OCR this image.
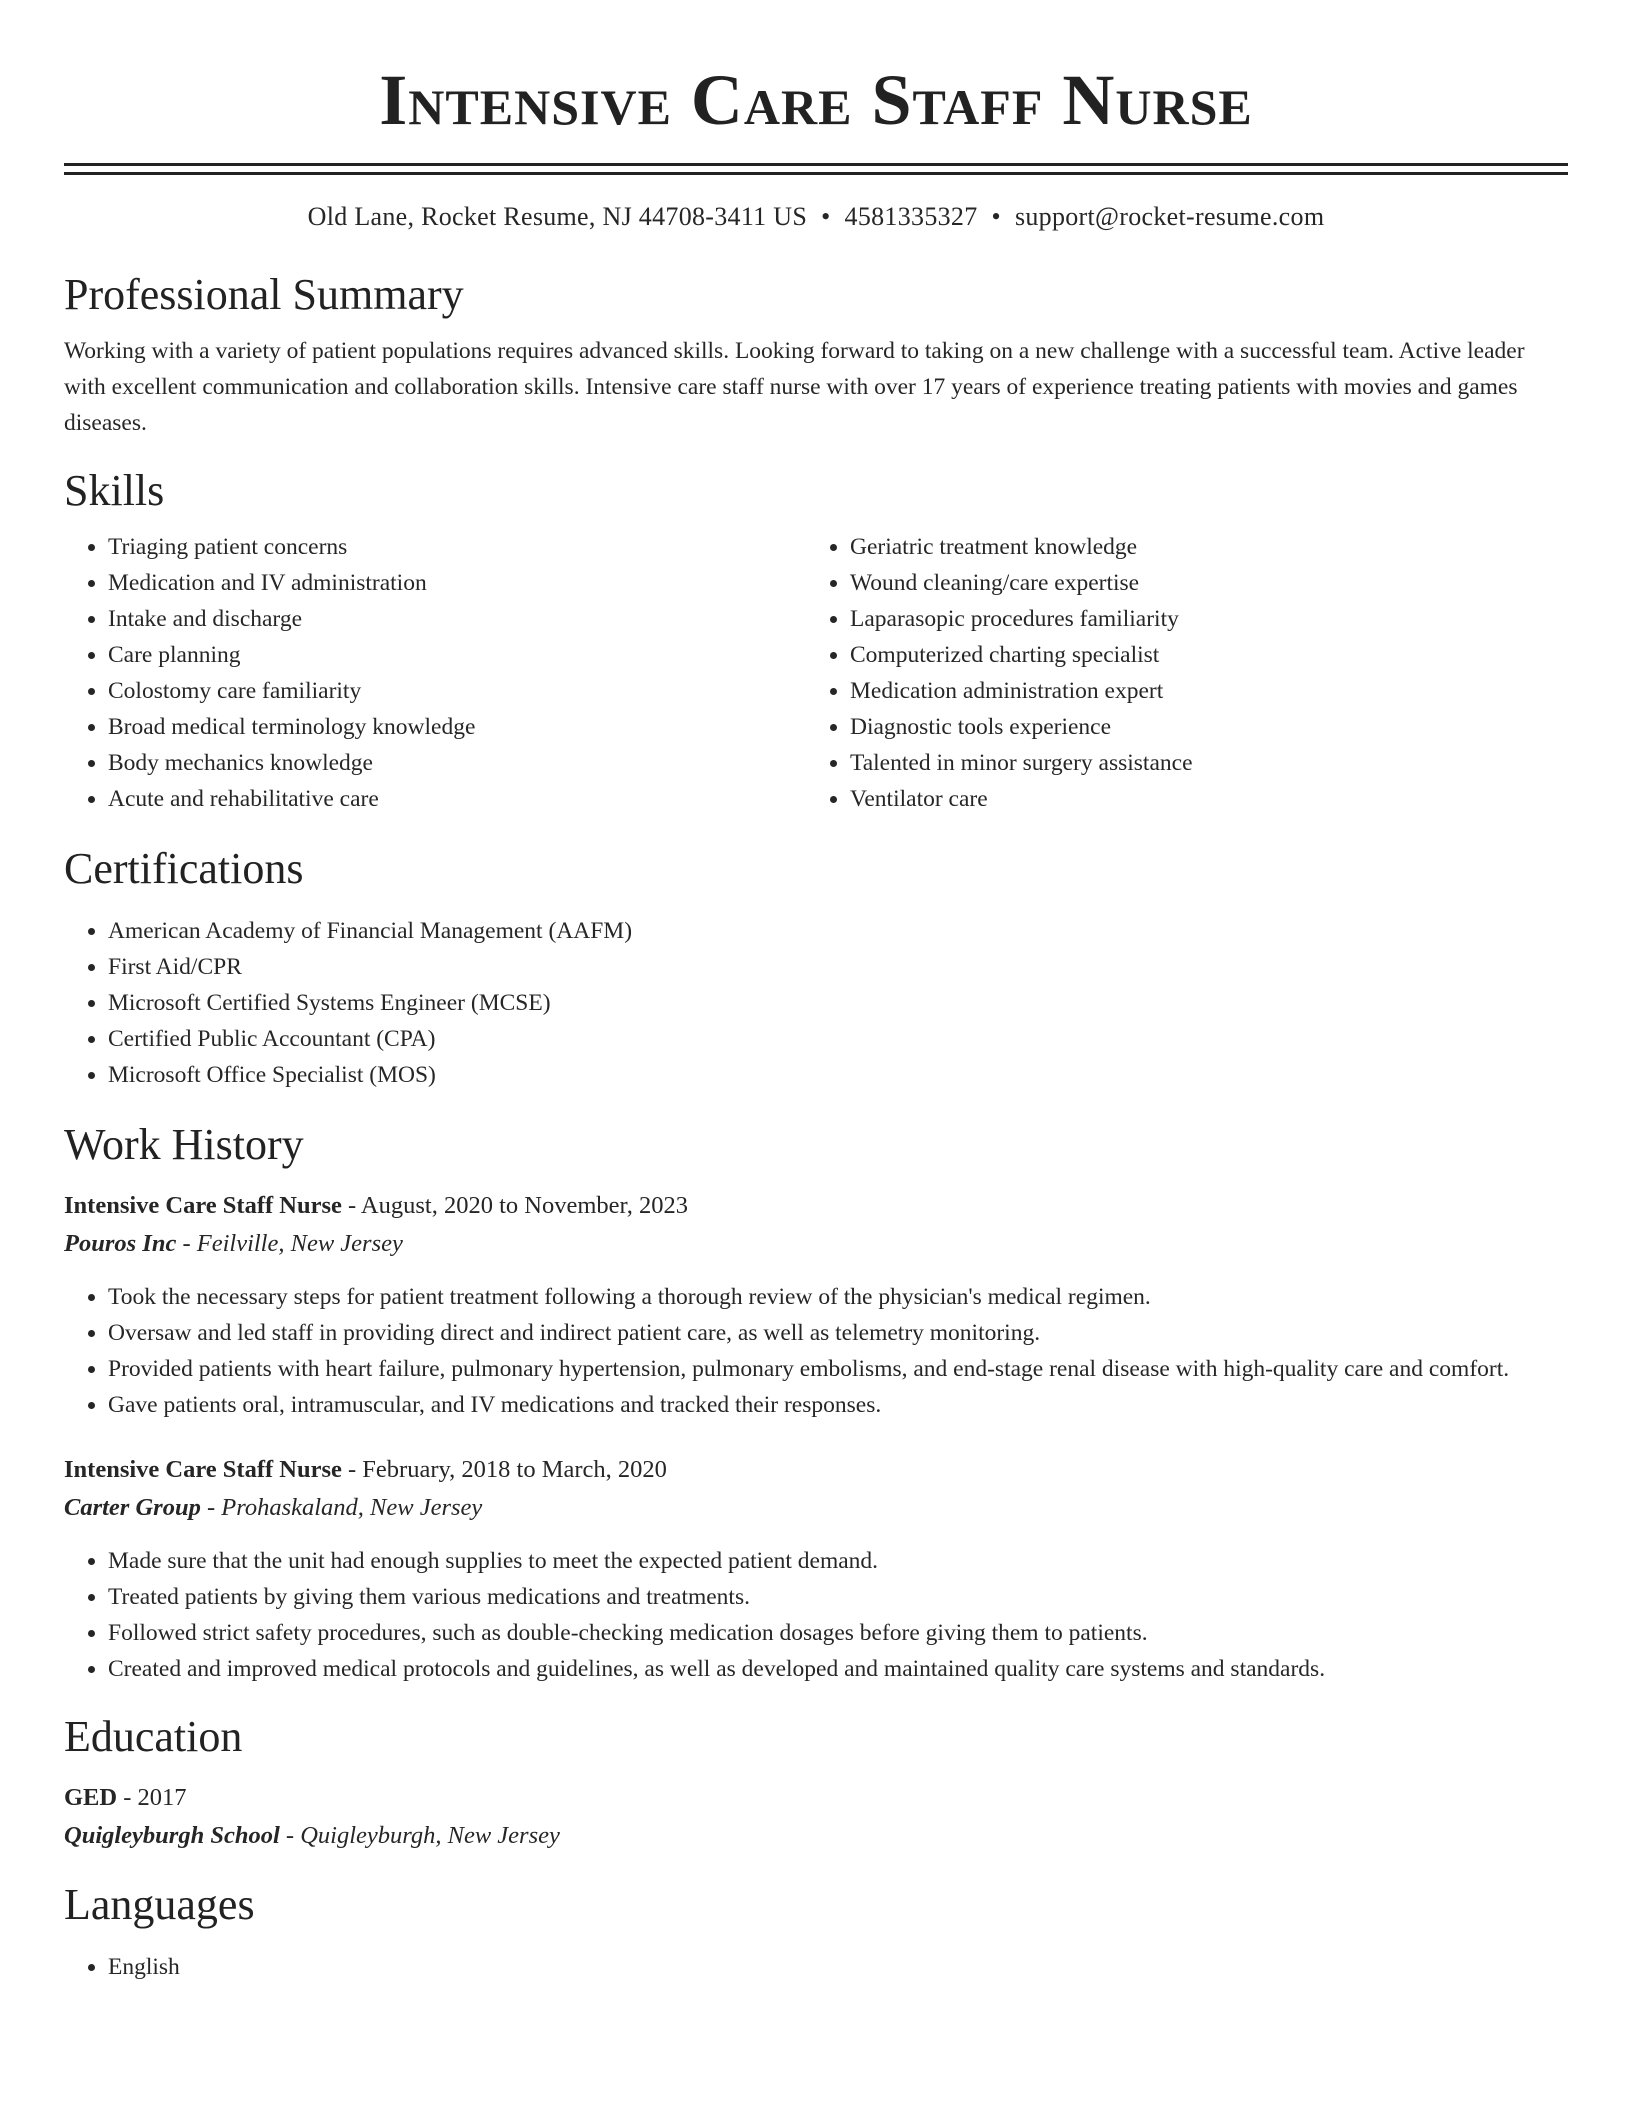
Intensive Care Staff Nurse
Old Lane, Rocket Resume, NJ 44708-3411 US • 4581335327 • support@rocket-resume.com
Professional Summary
Working with a variety of patient populations requires advanced skills. Looking forward to taking on a new challenge with a successful team. Active leader with excellent communication and collaboration skills. Intensive care staff nurse with over 17 years of experience treating patients with movies and games diseases.
Skills
• Triaging patient concerns
• Medication and IV administration
• Intake and discharge
• Care planning
• Colostomy care familiarity
• Broad medical terminology knowledge
• Body mechanics knowledge
• Acute and rehabilitative care
• Geriatric treatment knowledge
• Wound cleaning/care expertise
• Laparasopic procedures familiarity
• Computerized charting specialist
• Medication administration expert
• Diagnostic tools experience
• Talented in minor surgery assistance
• Ventilator care
Certifications
• American Academy of Financial Management (AAFM)
• First Aid/CPR
• Microsoft Certified Systems Engineer (MCSE)
• Certified Public Accountant (CPA)
• Microsoft Office Specialist (MOS)
Work History
Intensive Care Staff Nurse - August, 2020 to November, 2023
Pouros Inc - Feilville, New Jersey
• Took the necessary steps for patient treatment following a thorough review of the physician's medical regimen.
• Oversaw and led staff in providing direct and indirect patient care, as well as telemetry monitoring.
• Provided patients with heart failure, pulmonary hypertension, pulmonary embolisms, and end-stage renal disease with high-quality care and comfort.
• Gave patients oral, intramuscular, and IV medications and tracked their responses.
Intensive Care Staff Nurse - February, 2018 to March, 2020
Carter Group - Prohaskaland, New Jersey
• Made sure that the unit had enough supplies to meet the expected patient demand.
• Treated patients by giving them various medications and treatments.
• Followed strict safety procedures, such as double-checking medication dosages before giving them to patients.
• Created and improved medical protocols and guidelines, as well as developed and maintained quality care systems and standards.
Education
GED - 2017
Quigleyburgh School - Quigleyburgh, New Jersey
Languages
• English
